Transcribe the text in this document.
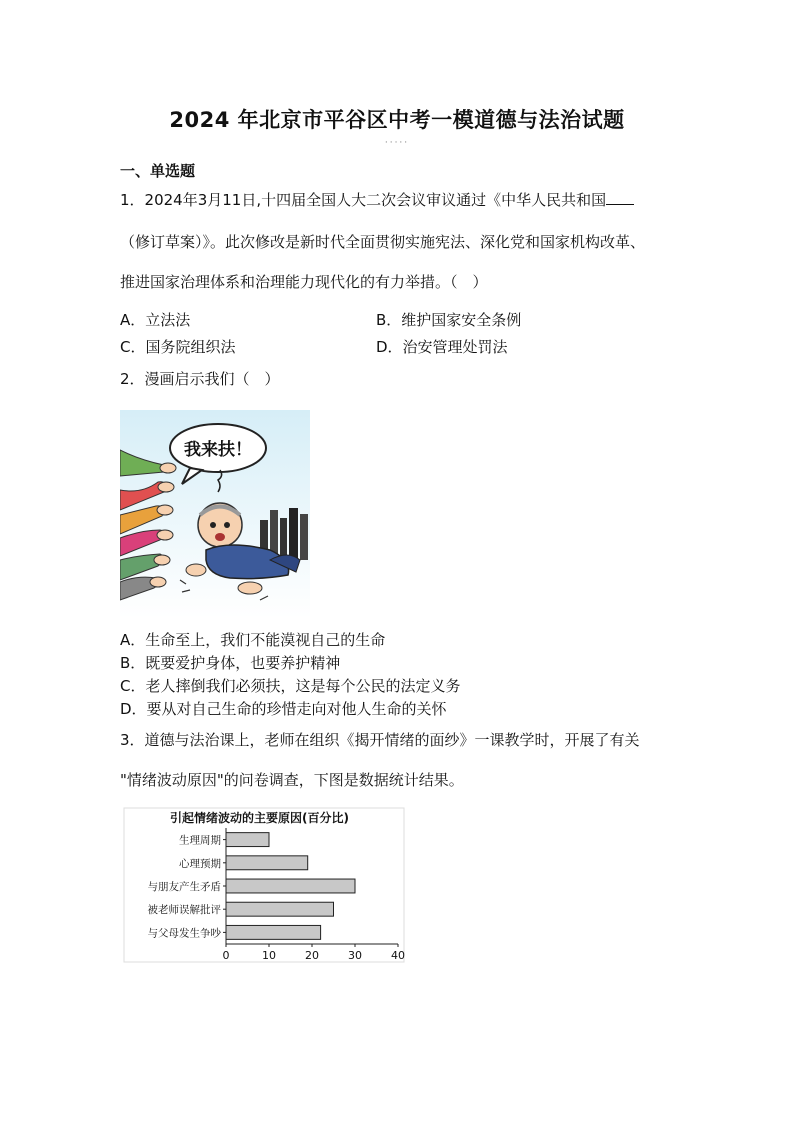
2024 年北京市平谷区中考一模道德与法治试题
·····
一、单选题
1．2024年3月11日,十四届全国人大二次会议审议通过《中华人民共和国
（修订草案）》。此次修改是新时代全面贯彻实施宪法、深化党和国家机构改革、
推进国家治理体系和治理能力现代化的有力举措。（　）
A．立法法	B．维护国家安全条例
C．国务院组织法	D．治安管理处罚法
2．漫画启示我们（　）
我来扶！
A．生命至上，我们不能漠视自己的生命
B．既要爱护身体，也要养护精神
C．老人摔倒我们必须扶，这是每个公民的法定义务
D．要从对自己生命的珍惜走向对他人生命的关怀
3．道德与法治课上，老师在组织《揭开情绪的面纱》一课教学时，开展了有关
"情绪波动原因"的问卷调查，下图是数据统计结果。
引起情绪波动的主要原因(百分比)
生理周期
心理预期
与朋友产生矛盾
被老师误解批评
与父母发生争吵
0	10	20	30	40
